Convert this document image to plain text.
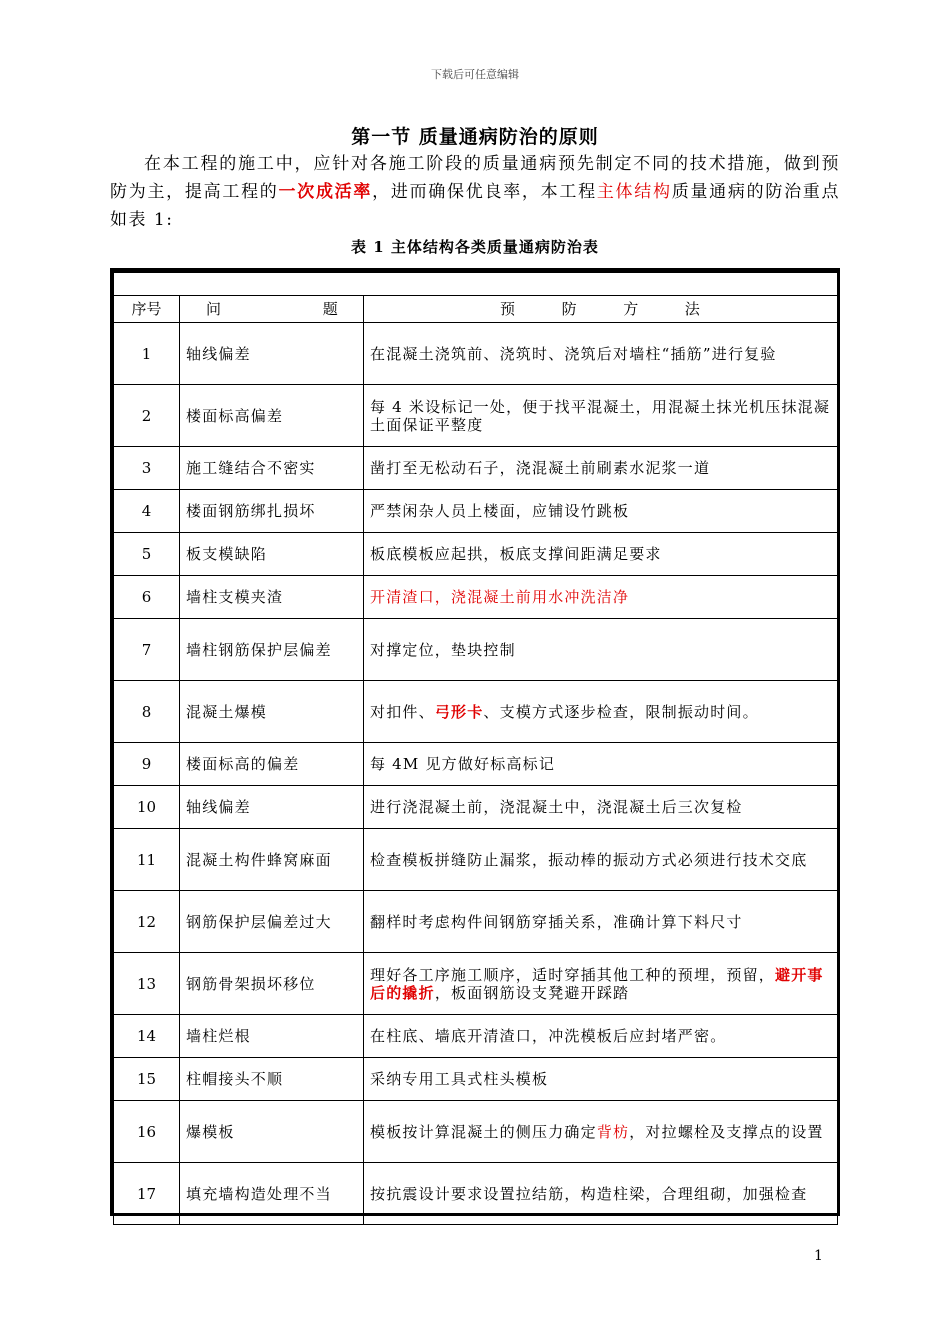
下载后可任意编辑
第一节 质量通病防治的原则

在本工程的施工中，应针对各施工阶段的质量通病预先制定不同的技术措施，做到预防为主，提高工程的一次成活率，进而确保优良率，本工程主体结构质量通病的防治重点如表 1:

表 1 主体结构各类质量通病防治表
序号	问 题	预 防 方 法

1	轴线偏差	在混凝土浇筑前、浇筑时、浇筑后对墙柱“插筋”进行复验
2	楼面标高偏差	每 4 米设标记一处，便于找平混凝土，用混凝土抹光机压抹混凝土面保证平整度
3	施工缝结合不密实	凿打至无松动石子，浇混凝土前刷素水泥浆一道
4	楼面钢筋绑扎损坏	严禁闲杂人员上楼面，应铺设竹跳板
5	板支模缺陷	板底模板应起拱，板底支撑间距满足要求
6	墙柱支模夹渣	开清渣口，浇混凝土前用水冲洗洁净
7	墙柱钢筋保护层偏差	对撑定位，垫块控制
8	混凝土爆模	对扣件、弓形卡、支模方式逐步检查，限制振动时间。
9	楼面标高的偏差	每 4M 见方做好标高标记
10	轴线偏差	进行浇混凝土前，浇混凝土中，浇混凝土后三次复检
11	混凝土构件蜂窝麻面	检查模板拼缝防止漏浆，振动棒的振动方式必须进行技术交底
12	钢筋保护层偏差过大	翻样时考虑构件间钢筋穿插关系，准确计算下料尺寸
13	钢筋骨架损坏移位	理好各工序施工顺序，适时穿插其他工种的预埋，预留，避开事后的撬折，板面钢筋设支凳避开踩踏
14	墙柱烂根	在柱底、墙底开清渣口，冲洗模板后应封堵严密。
15	柱帽接头不顺	采纳专用工具式柱头模板
16	爆模板	模板按计算混凝土的侧压力确定背枋，对拉螺栓及支撑点的设置
17	填充墙构造处理不当	按抗震设计要求设置拉结筋，构造柱梁，合理组砌，加强检查
1
